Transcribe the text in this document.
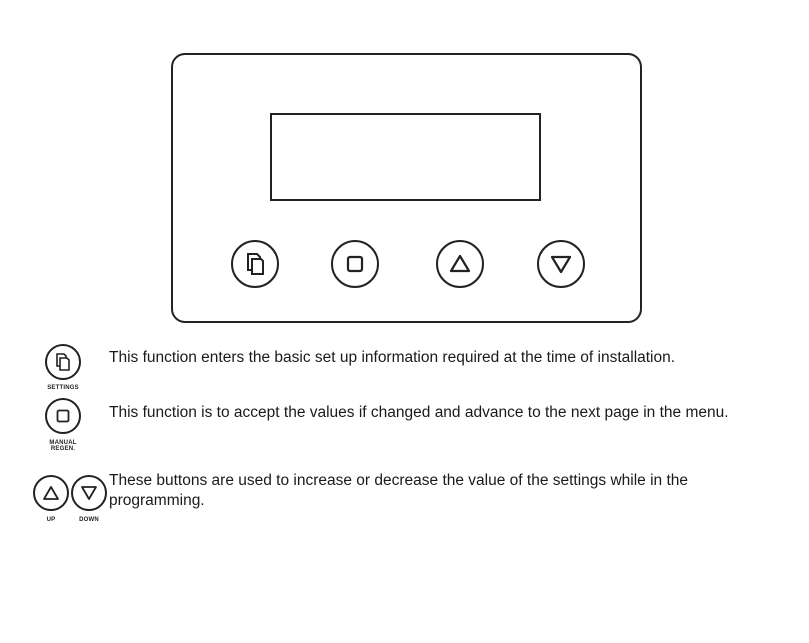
SETTINGS
This function enters the basic set up information required at the time of installation.
MANUAL
REGEN.
This function is to accept the values if changed and advance to the next page in the menu.
UP	DOWN
These buttons are used to increase or decrease the value of the settings while in the programming.
